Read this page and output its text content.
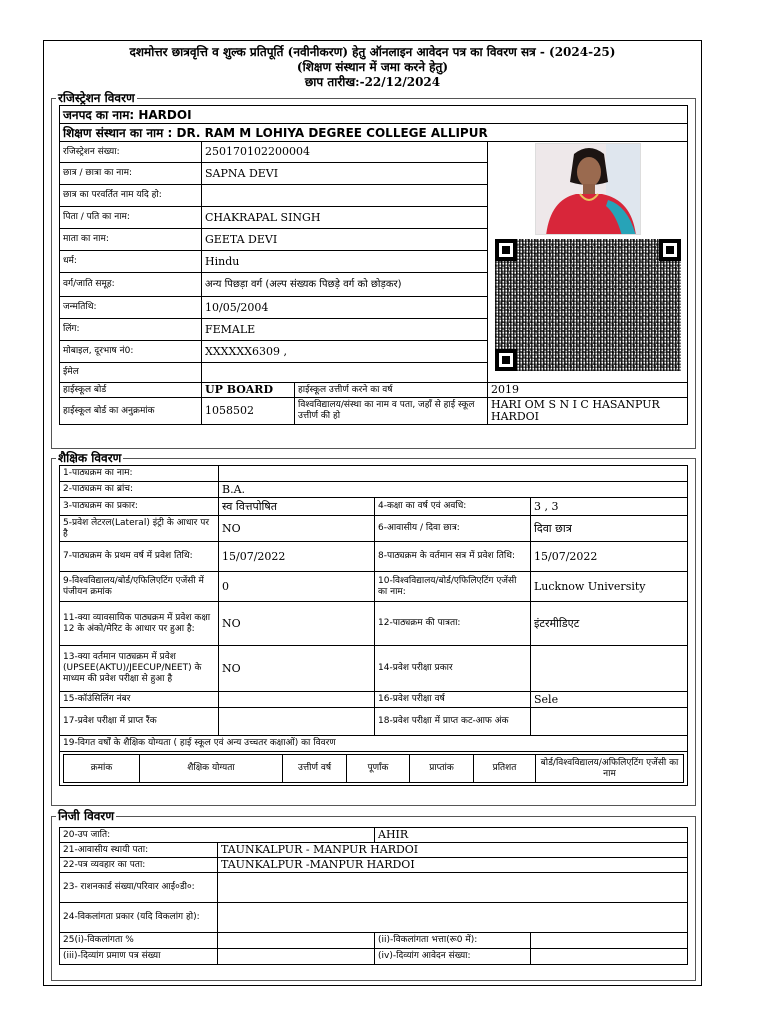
दशमोत्तर छात्रवृत्ति व शुल्क प्रतिपूर्ति (नवीनीकरण) हेतु ऑनलाइन आवेदन पत्र का विवरण सत्र - (2024-25)
(शिक्षण संस्थान में जमा करने हेतु)
छाप तारीख:-22/12/2024
रजिस्ट्रेशन विवरण
जनपद का नाम: HARDOI			
शिक्षण संस्थान का नाम : DR. RAM M LOHIYA DEGREE COLLEGE ALLIPUR			
रजिस्ट्रेशन संख्या:	250170102200004	

छात्र / छात्रा का नाम:	SAPNA DEVI		
छात्र का परवर्तित नाम यदि हो:			
पिता / पति का नाम:	CHAKRAPAL SINGH		
माता का नाम:	GEETA DEVI		
धर्म:	Hindu		
वर्ग/जाति समूह:	अन्य पिछड़ा वर्ग (अल्प संख्यक पिछड़े वर्ग को छोड़कर)		
जन्मतिथि:	10/05/2004		
लिंग:	FEMALE		
मोबाइल, दूरभाष नं0:	XXXXXX6309 ,		
ईमेल			
हाईस्कूल बोर्ड	UP BOARD	हाईस्कूल उत्तीर्ण करने का वर्ष	2019
हाईस्कूल बोर्ड का अनुक्रमांक	1058502	विश्वविद्यालय/संस्था का नाम व पता, जहाँ से हाई स्कूल उत्तीर्ण की हो	HARI OM S N I C HASANPUR HARDOI
शैक्षिक विवरण
1-पाठ्यक्रम का नाम:	
2-पाठ्यक्रम का ब्रांच:	B.A.
3-पाठ्यक्रम का प्रकार:	स्व वित्तपोषित	4-कक्षा का वर्ष एवं अवधि:	3 , 3
5-प्रवेश लेटरल(Lateral) इंट्री के आधार पर है	NO	6-आवासीय / दिवा छात्र:	दिवा छात्र
7-पाठ्यक्रम के प्रथम वर्ष में प्रवेश तिथि:	15/07/2022	8-पाठ्यक्रम के वर्तमान सत्र में प्रवेश तिथि:	15/07/2022
9-विश्वविद्यालय/बोर्ड/एफिलिएटिंग एजेंसी में पंजीयन क्रमांक	0	10-विश्वविद्यालय/बोर्ड/एफिलिएटिंग एजेंसी का नाम:	Lucknow University
11-क्या व्यावसायिक पाठ्यक्रम में प्रवेश कक्षा 12 के अंको/मेरिट के आधार पर हुआ है:	NO	12-पाठ्यक्रम की पात्रता:	इंटरमीडिएट
13-क्या वर्तमान पाठ्यक्रम में प्रवेश (UPSEE(AKTU)/JEECUP/NEET) के माध्यम की प्रवेश परीक्षा से हुआ है	NO	14-प्रवेश परीक्षा प्रकार	
15-कॉउंसिलिंग नंबर		16-प्रवेश परीक्षा वर्ष	Sele
17-प्रवेश परीक्षा में प्राप्त रैंक		18-प्रवेश परीक्षा में प्राप्त कट-आफ अंक	
19-विगत वर्षों के शैक्षिक योग्यता ( हाई स्कूल एवं अन्य उच्चतर कक्षाओं) का विवरण

क्रमांक	शैक्षिक योग्यता	उत्तीर्ण वर्ष	पूर्णांक	प्राप्तांक	प्रतिशत	बोर्ड/विश्वविद्यालय/अफिलिएटिंग एजेंसी का नाम
निजी विवरण
20-उप जाति:		AHIR	
21-आवासीय स्थायी पता:	TAUNKALPUR - MANPUR HARDOI		
22-पत्र व्यवहार का पता:	TAUNKALPUR -MANPUR HARDOI		
23- राशनकार्ड संख्या/परिवार आई०डी०:			
24-विकलांगता प्रकार (यदि विकलांग हो):			
25(i)-विकलांगता %		(ii)-विकलांगता भत्ता(रू0 में):	
(iii)-दिव्यांग प्रमाण पत्र संख्या		(iv)-दिव्यांग आवेदन संख्या:	
